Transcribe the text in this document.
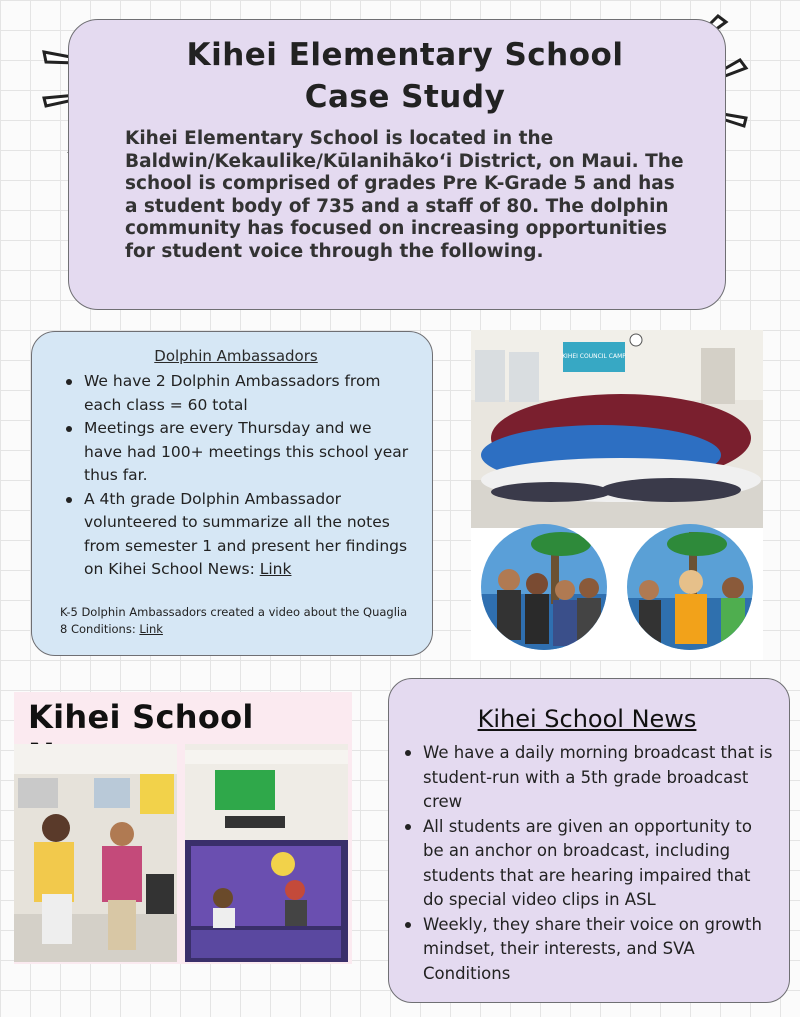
Kihei Elementary School Case Study
Kihei Elementary School is located in the Baldwin/Kekaulike/Kūlanihāko‘i District, on Maui. The school is comprised of grades Pre K-Grade 5 and has a student body of 735 and a staff of 80. The dolphin community has focused on increasing opportunities for student voice through the following.
Dolphin Ambassadors
We have 2 Dolphin Ambassadors from each class = 60 total
Meetings are every Thursday and we have had 100+ meetings this school year thus far.
A 4th grade Dolphin Ambassador volunteered to summarize all the notes from semester 1 and present her findings on Kihei School News: Link
K-5 Dolphin Ambassadors created a video about the Quaglia 8 Conditions: Link
KIHEI COUNCIL CAMP
Kihei School	Kihei School News
We have a daily morning broadcast that is student-run with a 5th grade broadcast crew
All students are given an opportunity to be an anchor on broadcast, including students that are hearing impaired that do special video clips in ASL
Weekly, they share their voice on growth mindset, their interests, and SVA Conditions
